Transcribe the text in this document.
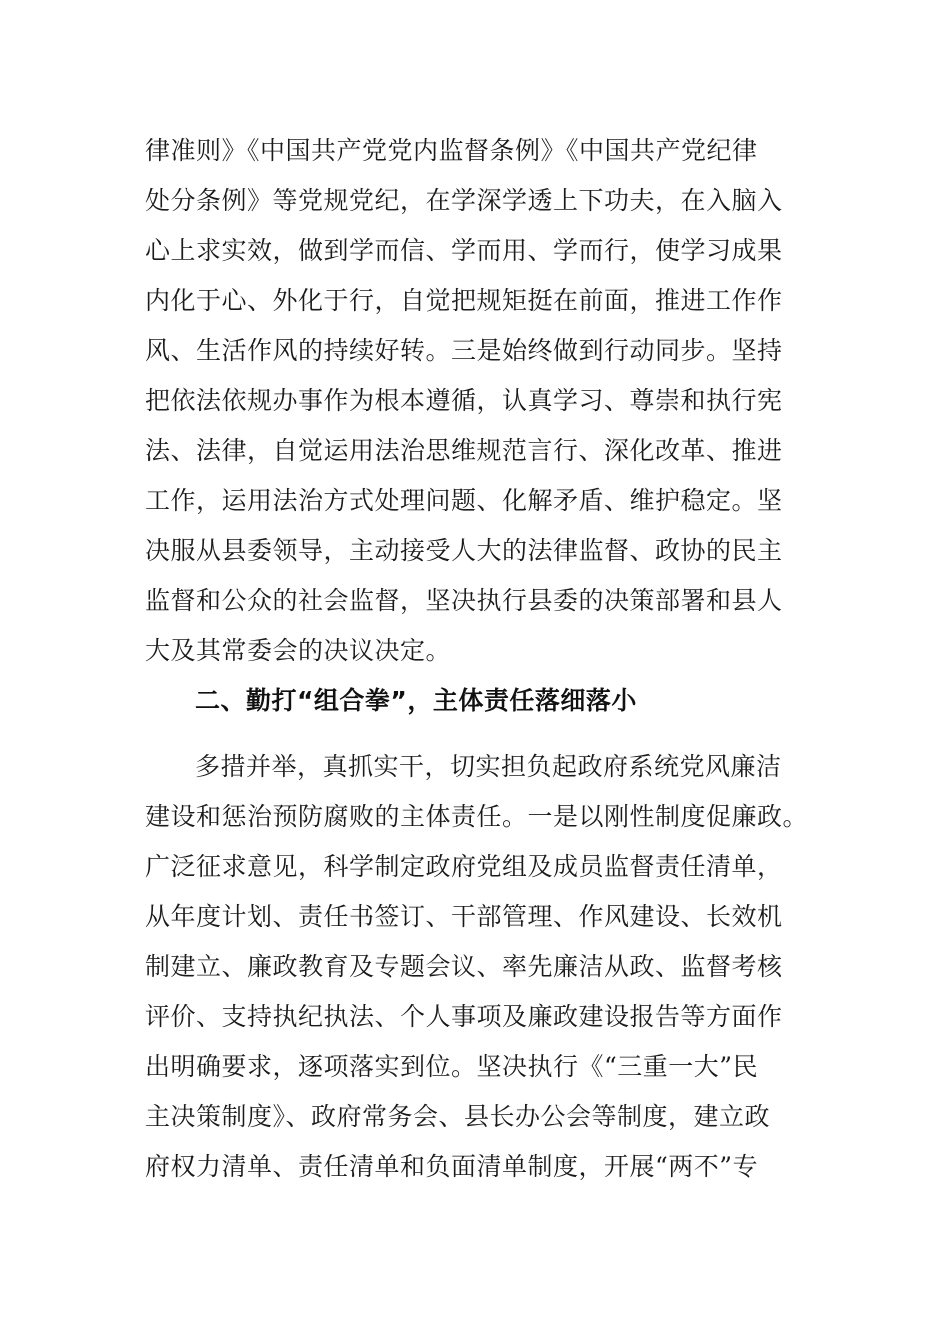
律准则》《中国共产党党内监督条例》《中国共产党纪律
处分条例》等党规党纪，在学深学透上下功夫，在入脑入
心上求实效，做到学而信、学而用、学而行，使学习成果
内化于心、外化于行，自觉把规矩挺在前面，推进工作作
风、生活作风的持续好转。三是始终做到行动同步。坚持
把依法依规办事作为根本遵循，认真学习、尊崇和执行宪
法、法律，自觉运用法治思维规范言行、深化改革、推进
工作，运用法治方式处理问题、化解矛盾、维护稳定。坚
决服从县委领导，主动接受人大的法律监督、政协的民主
监督和公众的社会监督，坚决执行县委的决策部署和县人
大及其常委会的决议决定。
二、勤打“组合拳”，主体责任落细落小
多措并举，真抓实干，切实担负起政府系统党风廉洁
建设和惩治预防腐败的主体责任。一是以刚性制度促廉政。
广泛征求意见，科学制定政府党组及成员监督责任清单，
从年度计划、责任书签订、干部管理、作风建设、长效机
制建立、廉政教育及专题会议、率先廉洁从政、监督考核
评价、支持执纪执法、个人事项及廉政建设报告等方面作
出明确要求，逐项落实到位。坚决执行《“三重一大”民
主决策制度》、政府常务会、县长办公会等制度，建立政
府权力清单、责任清单和负面清单制度，开展“两不”专
